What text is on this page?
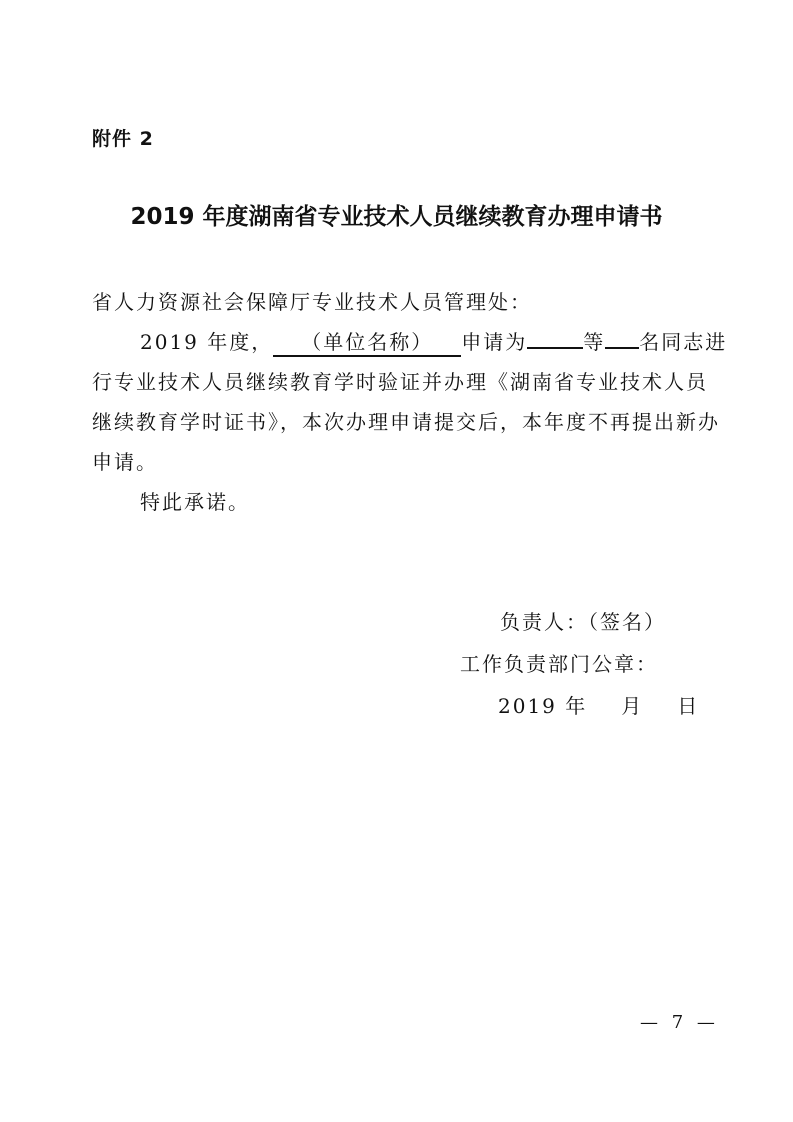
附件 2
2019 年度湖南省专业技术人员继续教育办理申请书
省人力资源社会保障厅专业技术人员管理处：
2019 年度， （单位名称） 申请为	等 名同志进
行专业技术人员继续教育学时验证并办理《湖南省专业技术人员
继续教育学时证书》，本次办理申请提交后，本年度不再提出新办
申请。
特此承诺。
负责人：（签名）
工作负责部门公章：
2019 年 月 日
— 7 —
